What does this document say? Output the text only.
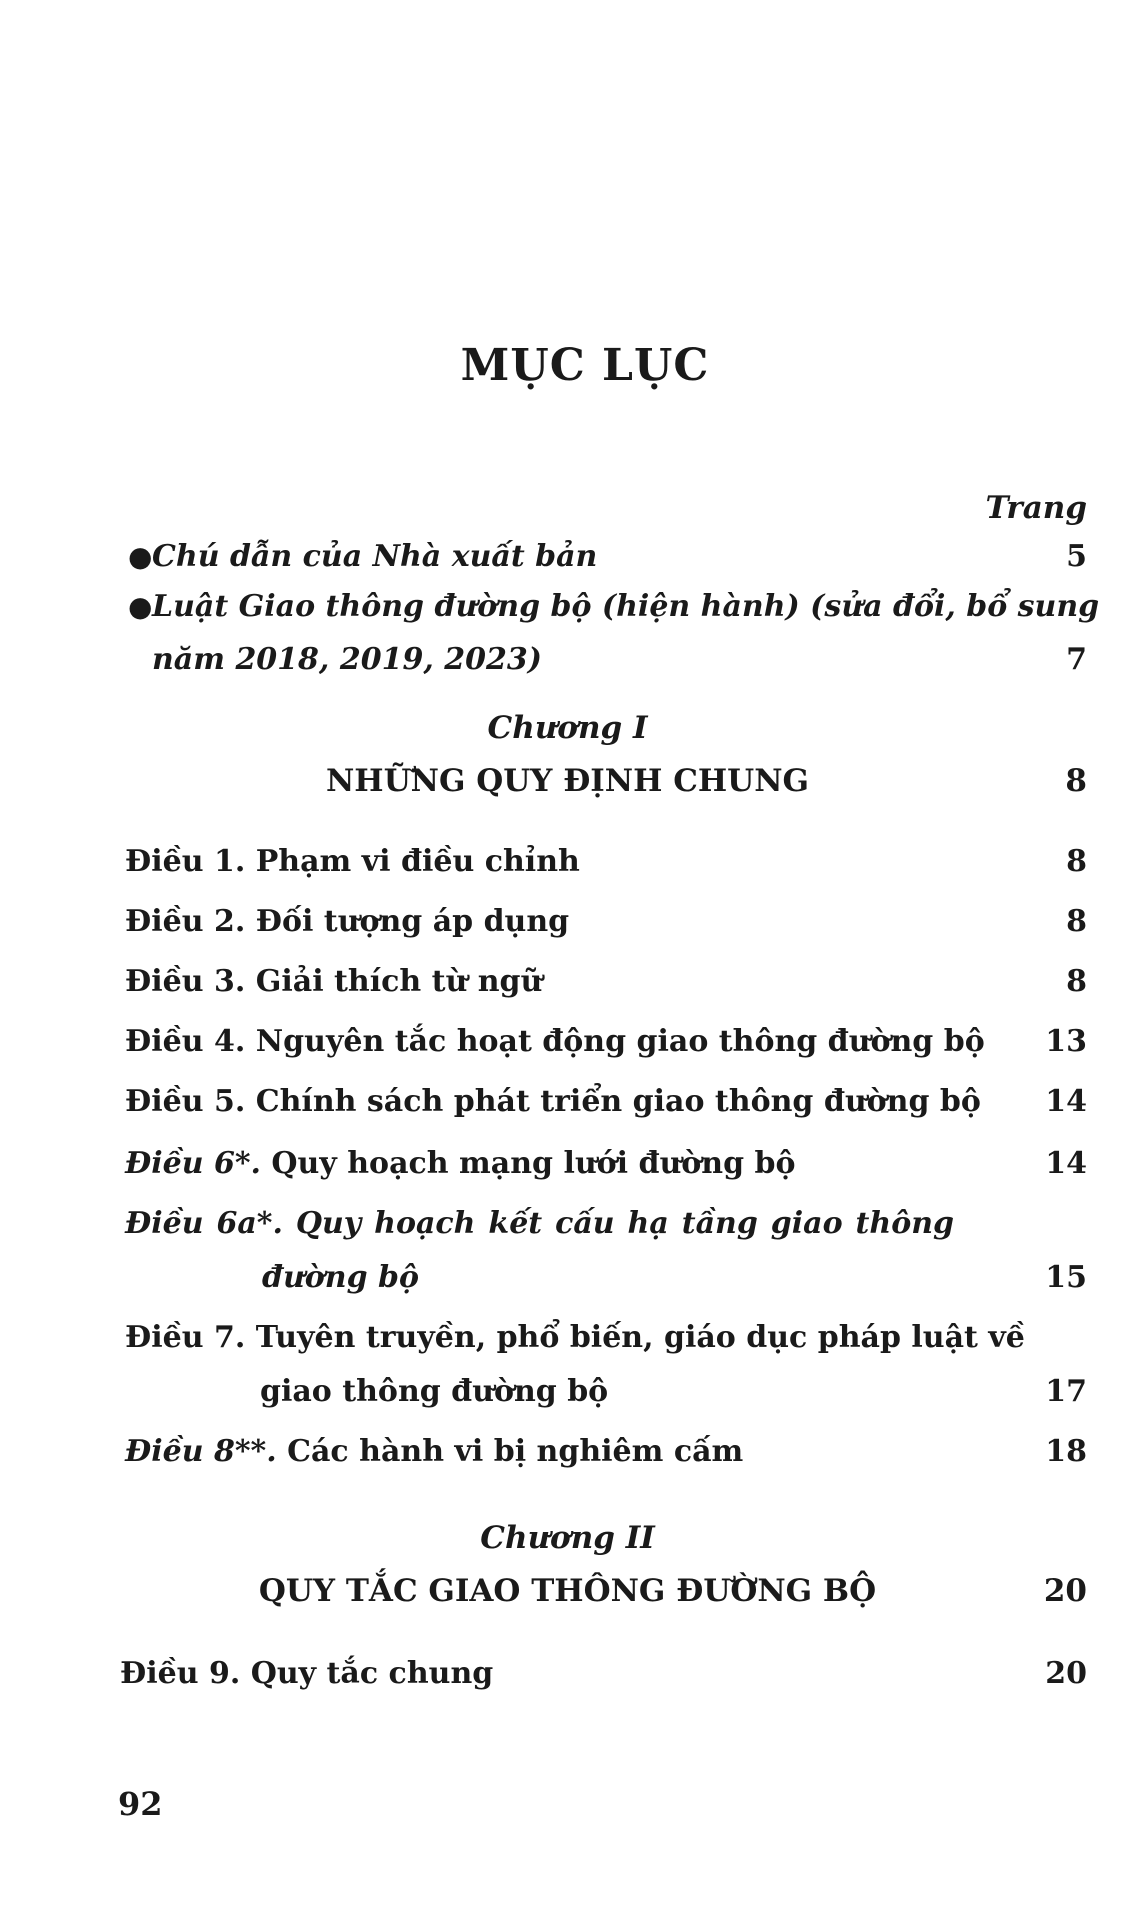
MỤC LỤC
Trang
● Chú dẫn của Nhà xuất bản	5
● Luật Giao thông đường bộ (hiện hành) (sửa đổi, bổ sung
năm 2018, 2019, 2023)	7
Chương I
NHỮNG QUY ĐỊNH CHUNG	8
Điều 1. Phạm vi điều chỉnh	8
Điều 2. Đối tượng áp dụng	8
Điều 3. Giải thích từ ngữ	8
Điều 4. Nguyên tắc hoạt động giao thông đường bộ 13
Điều 5. Chính sách phát triển giao thông đường bộ 14
Điều 6*. Quy hoạch mạng lưới đường bộ	14
Điều 6a*. Quy hoạch kết cấu hạ tầng giao thông
đường bộ	15
Điều 7. Tuyên truyền, phổ biến, giáo dục pháp luật về
giao thông đường bộ	17
Điều 8**. Các hành vi bị nghiêm cấm	18
Chương II
QUY TẮC GIAO THÔNG ĐƯỜNG BỘ	20
Điều 9. Quy tắc chung	20
92
